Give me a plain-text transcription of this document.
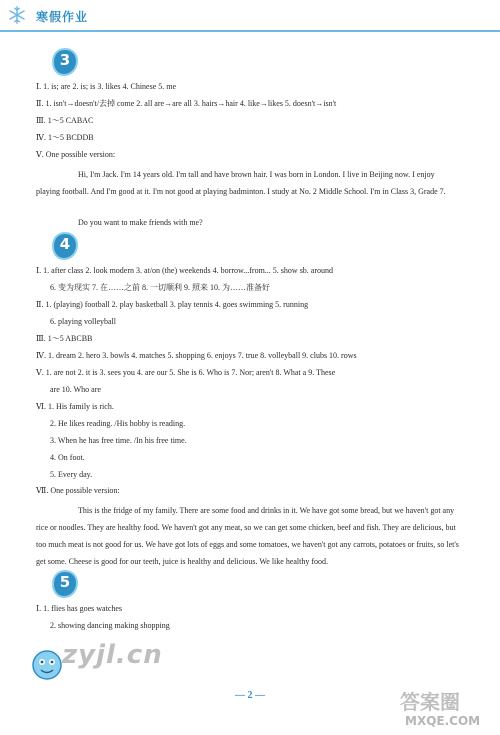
寒假作业
3
Ⅰ. 1. is; are 2. is; is 3. likes 4. Chinese 5. me
Ⅱ. 1. isn't→doesn't/去掉 come 2. all are→are all 3. hairs→hair 4. like→likes 5. doesn't→isn't
Ⅲ. 1～5 CABAC
Ⅳ. 1～5 BCDDB
Ⅴ. One possible version:
Hi, I'm Jack. I'm 14 years old. I'm tall and have brown hair. I was born in London. I live in Beijing now. I enjoy playing football. And I'm good at it. I'm not good at playing badminton. I study at No. 2 Middle School. I'm in Class 3, Grade 7.
Do you want to make friends with me?
4
Ⅰ. 1. after class 2. look modern 3. at/on (the) weekends 4. borrow...from... 5. show sb. around
6. 变为现实 7. 在……之前 8. 一切顺利 9. 照来 10. 为……准备好
Ⅱ. 1. (playing) football 2. play basketball 3. play tennis 4. goes swimming 5. running
6. playing volleyball
Ⅲ. 1～5 ABCBB
Ⅳ. 1. dream 2. hero 3. bowls 4. matches 5. shopping 6. enjoys 7. true 8. volleyball 9. clubs 10. rows
Ⅴ. 1. are not 2. it is 3. sees you 4. are our 5. She is 6. Who is 7. Nor; aren't 8. What a 9. These
are 10. Who are
Ⅵ. 1. His family is rich.
2. He likes reading. /His hobby is reading.
3. When he has free time. /In his free time.
4. On foot.
5. Every day.
Ⅶ. One possible version:
This is the fridge of my family. There are some food and drinks in it. We have got some bread, but we haven't got any rice or noodles. They are healthy food. We haven't got any meat, so we can get some chicken, beef and fish. They are delicious, but too much meat is not good for us. We have got lots of eggs and some tomatoes, we haven't got any carrots, potatoes or fruits, so let's get some. Cheese is good for our teeth, juice is healthy and delicious. We like healthy food.
5
Ⅰ. 1. flies has goes watches
2. showing dancing making shopping
zyjl.cn
答案圈
MXQE.COM
— 2 —
